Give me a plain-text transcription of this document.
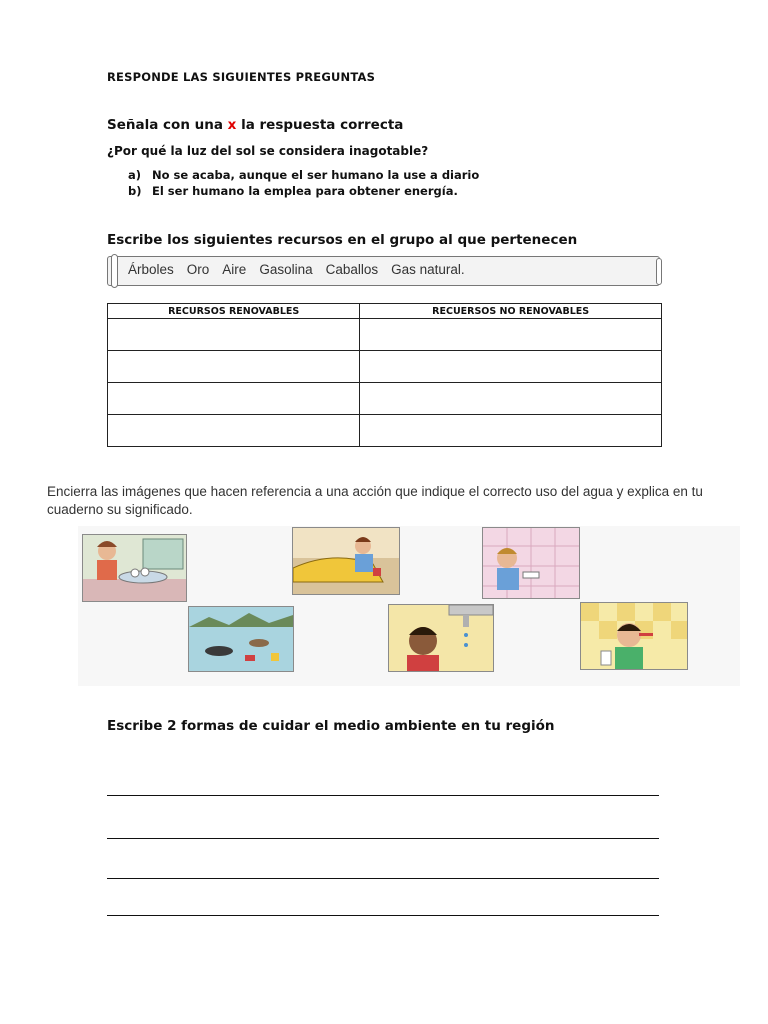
RESPONDE LAS SIGUIENTES PREGUNTAS
Señala con una x la respuesta correcta
¿Por qué la luz del sol se considera inagotable?
a) No se acaba, aunque el ser humano la use a diario
b) El ser humano la emplea para obtener energía.
Escribe los siguientes recursos en el grupo al que pertenecen
Árboles Oro Aire Gasolina Caballos Gas natural.
RECURSOS RENOVABLES	RECUERSOS NO RENOVABLES

Encierra las imágenes que hacen referencia a una acción que indique el correcto uso del agua y explica en tu cuaderno su significado.
Escribe 2 formas de cuidar el medio ambiente en tu región
